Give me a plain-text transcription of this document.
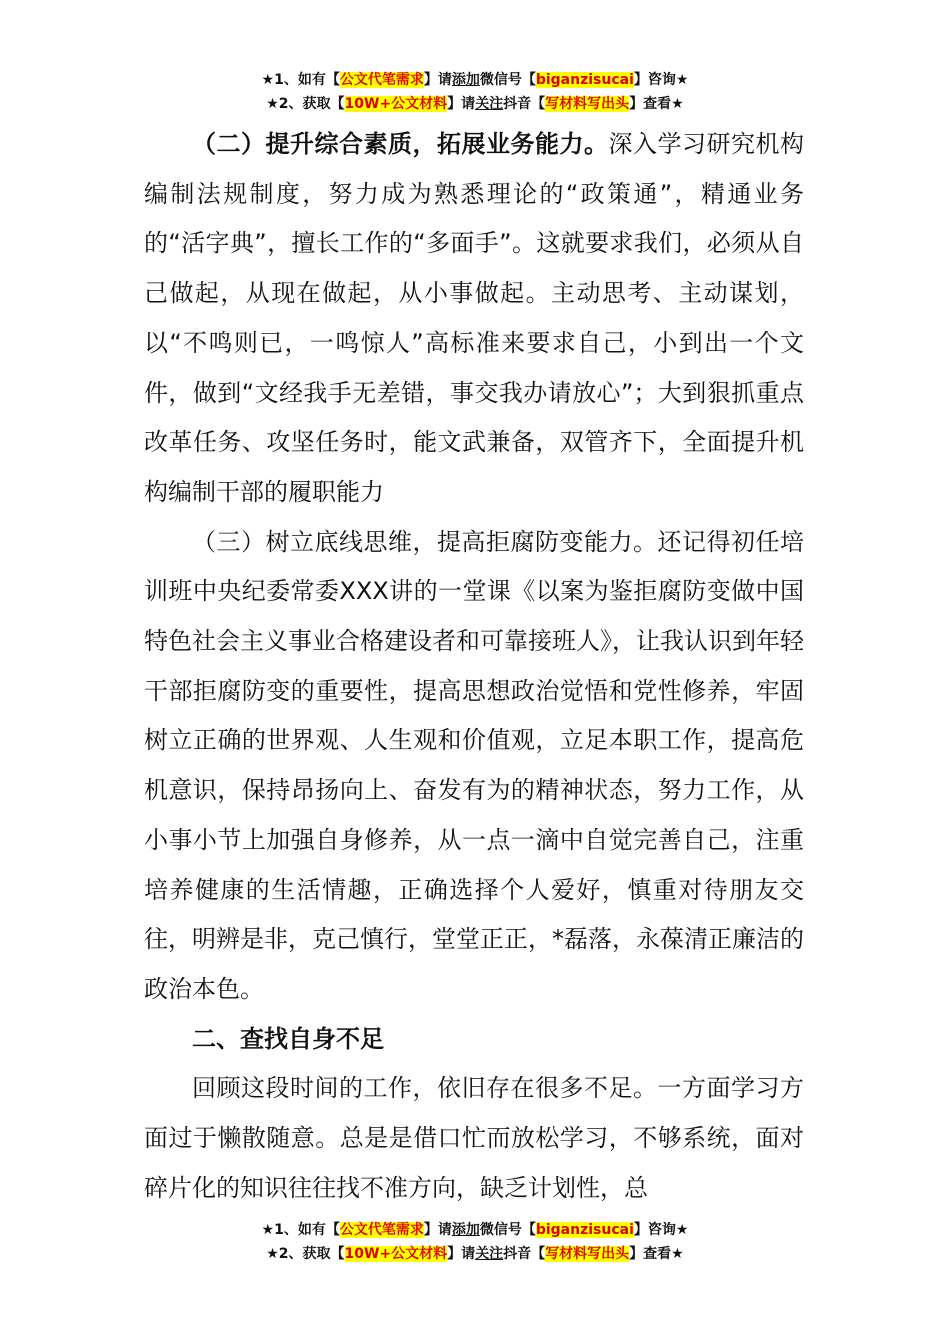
★1、如有【公文代笔需求】请添加微信号【biganzisucai】咨询★
★2、获取【10W+公文材料】请关注抖音【写材料写出头】查看★

（二）提升综合素质，拓展业务能力。深入学习研究机构编制法规制度，努力成为熟悉理论的“政策通”，精通业务的“活字典”，擅长工作的“多面手”。这就要求我们，必须从自己做起，从现在做起，从小事做起。主动思考、主动谋划，以“不鸣则已，一鸣惊人”高标准来要求自己，小到出一个文件，做到“文经我手无差错，事交我办请放心”；大到狠抓重点改革任务、攻坚任务时，能文武兼备，双管齐下，全面提升机构编制干部的履职能力

（三）树立底线思维，提高拒腐防变能力。还记得初任培训班中央纪委常委XXX讲的一堂课《以案为鉴拒腐防变做中国特色社会主义事业合格建设者和可靠接班人》，让我认识到年轻干部拒腐防变的重要性，提高思想政治觉悟和党性修养，牢固树立正确的世界观、人生观和价值观，立足本职工作，提高危机意识，保持昂扬向上、奋发有为的精神状态，努力工作，从小事小节上加强自身修养，从一点一滴中自觉完善自己，注重培养健康的生活情趣，正确选择个人爱好，慎重对待朋友交往，明辨是非，克己慎行，堂堂正正，*磊落，永葆清正廉洁的政治本色。

二、查找自身不足

回顾这段时间的工作，依旧存在很多不足。一方面学习方面过于懒散随意。总是是借口忙而放松学习，不够系统，面对碎片化的知识往往找不准方向，缺乏计划性，总

★1、如有【公文代笔需求】请添加微信号【biganzisucai】咨询★
★2、获取【10W+公文材料】请关注抖音【写材料写出头】查看★
